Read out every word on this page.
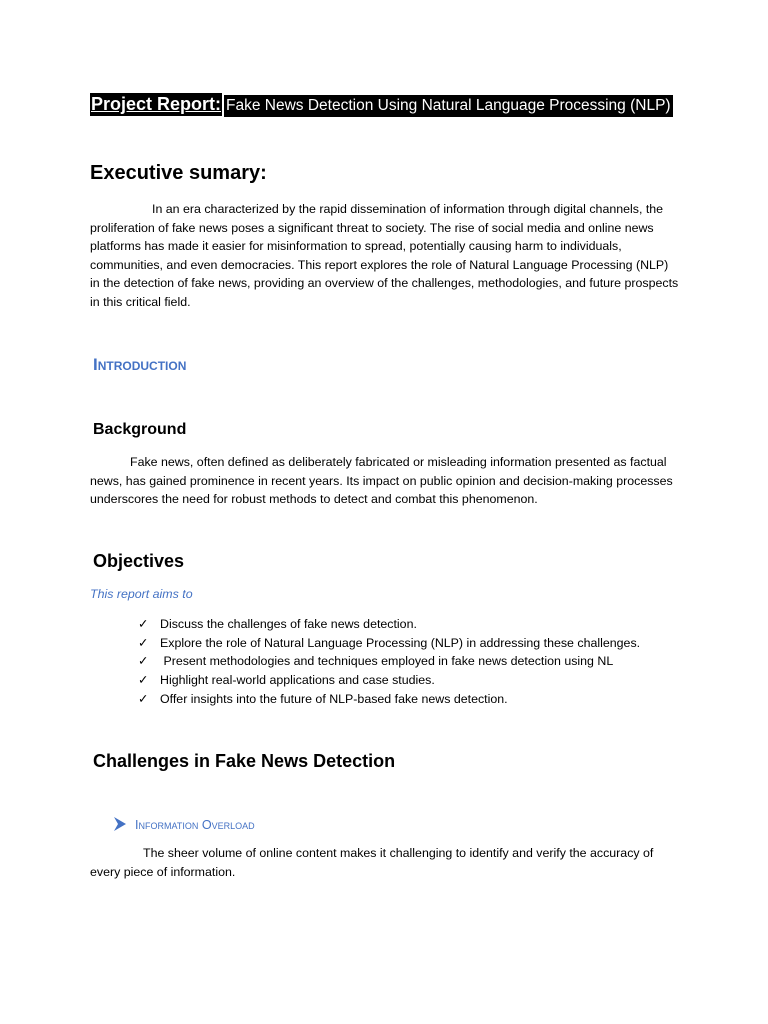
Project Report: Fake News Detection Using Natural Language Processing (NLP)
Executive sumary:

In an era characterized by the rapid dissemination of information through digital channels, the proliferation of fake news poses a significant threat to society. The rise of social media and online news platforms has made it easier for misinformation to spread, potentially causing harm to individuals, communities, and even democracies. This report explores the role of Natural Language Processing (NLP) in the detection of fake news, providing an overview of the challenges, methodologies, and future prospects in this critical field.

Introduction
Background

Fake news, often defined as deliberately fabricated or misleading information presented as factual news, has gained prominence in recent years. Its impact on public opinion and decision-making processes underscores the need for robust methods to detect and combat this phenomenon.

Objectives

This report aims to

✓ Discuss the challenges of fake news detection.
✓ Explore the role of Natural Language Processing (NLP) in addressing these challenges.
✓ Present methodologies and techniques employed in fake news detection using NL
✓ Highlight real-world applications and case studies.
✓ Offer insights into the future of NLP-based fake news detection.
Challenges in Fake News Detection
Information Overload

The sheer volume of online content makes it challenging to identify and verify the accuracy of every piece of information.
